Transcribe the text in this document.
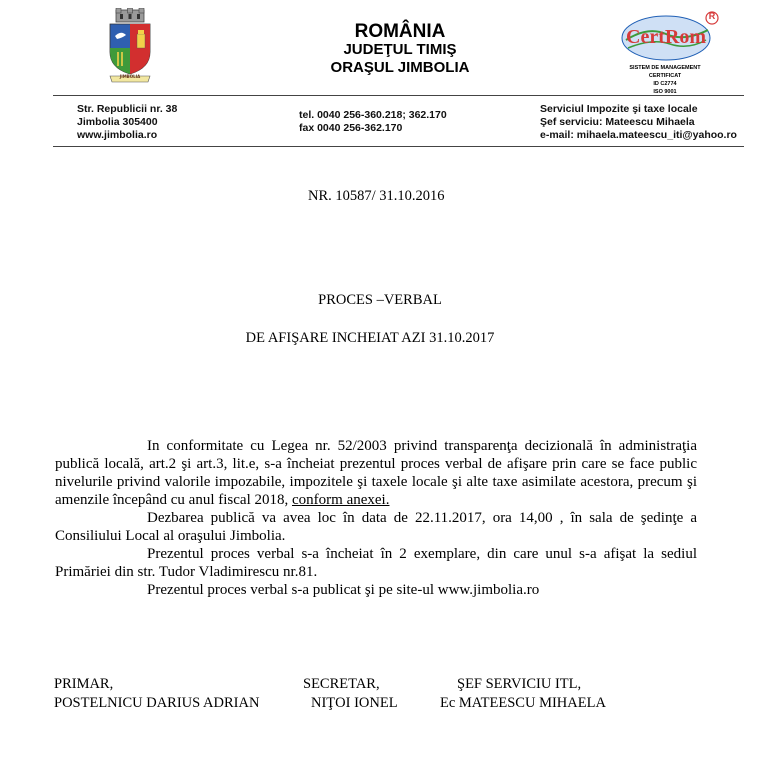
JIMBOLIA
ROMÂNIA
JUDEŢUL TIMIŞ
ORAŞUL JIMBOLIA
R
CertRom
SISTEM DE MANAGEMENT CERTIFICAT
ID C2774
ISO 9001
Str. Republicii nr. 38
Jimbolia 305400
www.jimbolia.ro
tel. 0040 256-360.218; 362.170
fax 0040 256-362.170
Serviciul Impozite şi taxe locale
Şef serviciu: Mateescu Mihaela
e-mail: mihaela.mateescu_iti@yahoo.ro
NR. 10587/ 31.10.2016
PROCES –VERBAL
DE AFIŞARE INCHEIAT AZI 31.10.2017

In conformitate cu Legea nr. 52/2003 privind transparenţa decizională în administraţia publică locală, art.2 şi art.3, lit.e, s-a încheiat prezentul proces verbal de afişare prin care se face public nivelurile privind valorile impozabile, impozitele şi taxele locale şi alte taxe asimilate acestora, precum şi amenzile începând cu anul fiscal 2018, conform anexei.

Dezbarea publică va avea loc în data de 22.11.2017, ora 14,00 , în sala de şedinţe a Consiliului Local al oraşului Jimbolia.

Prezentul proces verbal s-a încheiat în 2 exemplare, din care unul s-a afişat la sediul Primăriei din str. Tudor Vladimirescu nr.81.

Prezentul proces verbal s-a publicat şi pe site-ul www.jimbolia.ro

PRIMAR,
POSTELNICU DARIUS ADRIAN
SECRETAR,
NIŢOI IONEL
ŞEF SERVICIU ITL,
Ec MATEESCU MIHAELA
